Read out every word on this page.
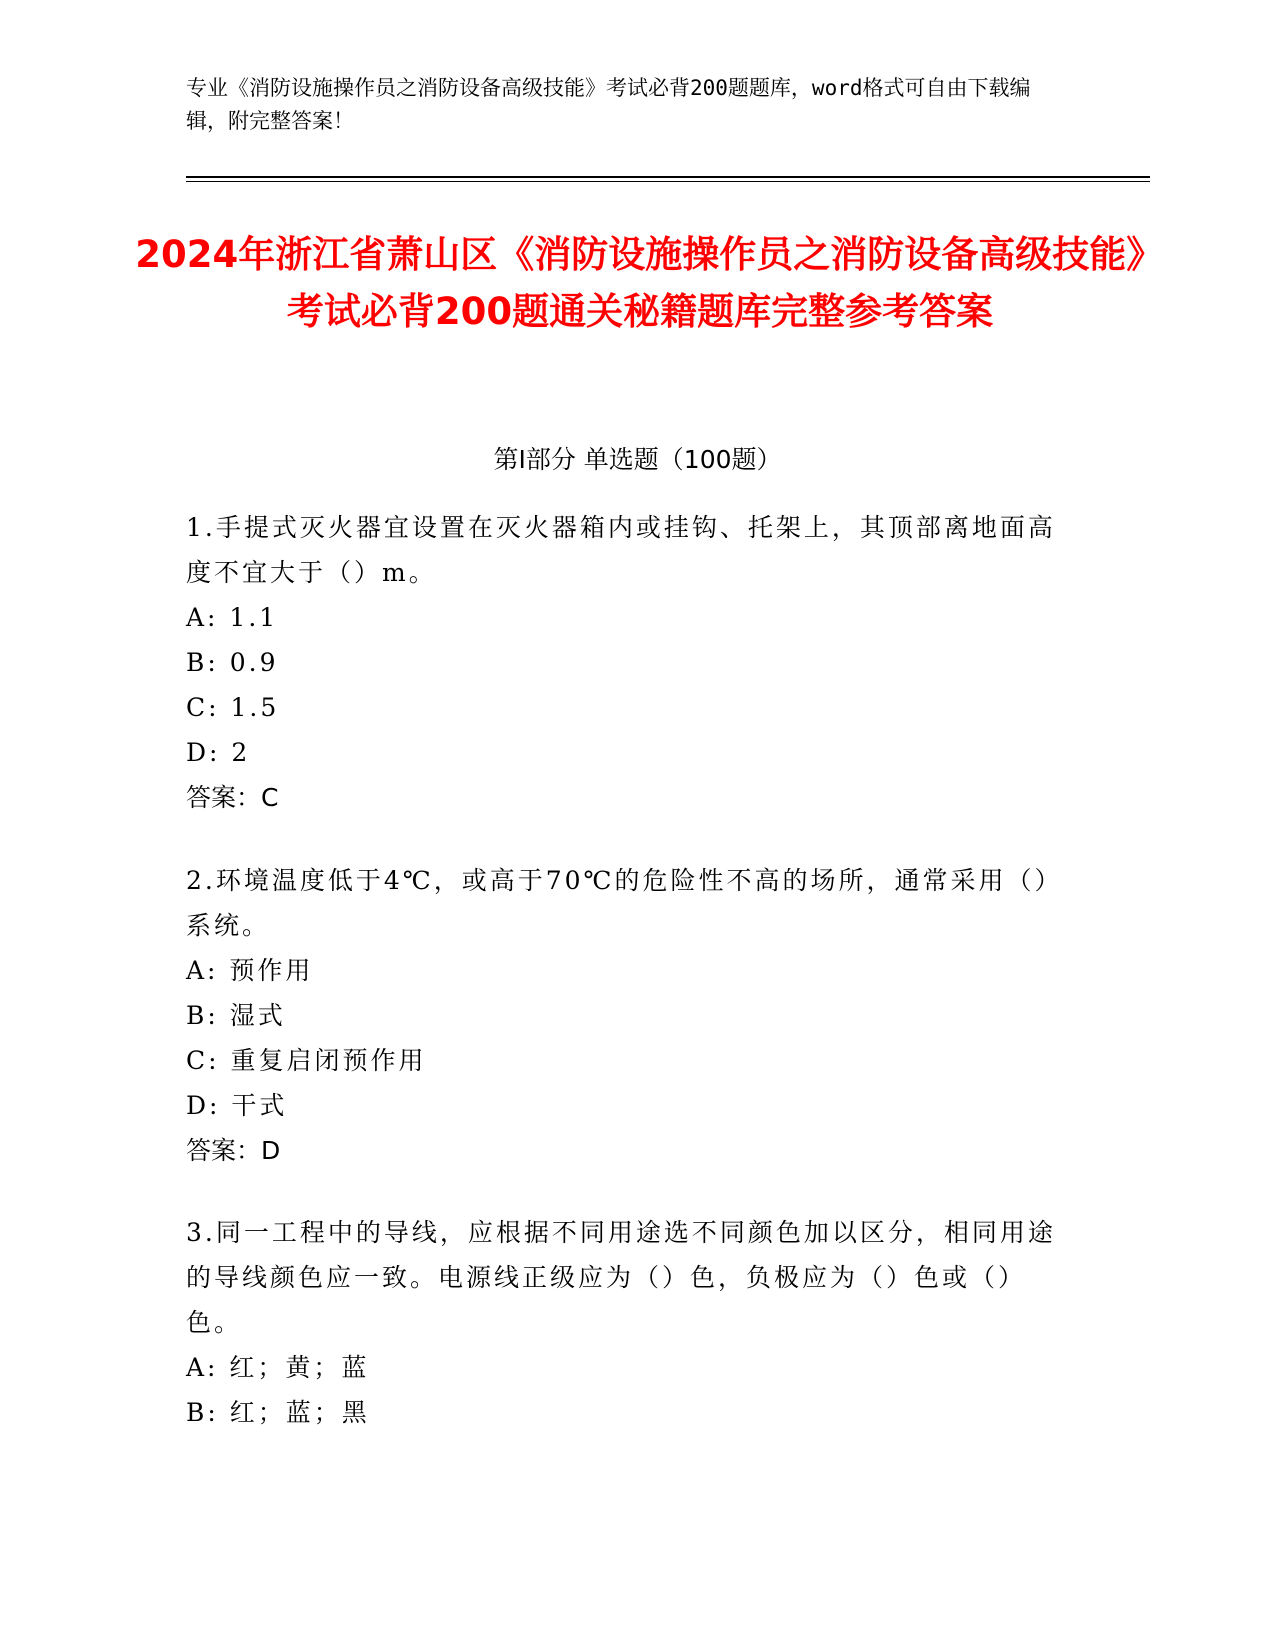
专业《消防设施操作员之消防设备高级技能》考试必背200题题库，word格式可自由下载编辑，附完整答案！
2024年浙江省萧山区《消防设施操作员之消防设备高级技能》考试必背200题通关秘籍题库完整参考答案
第Ⅰ部分 单选题（100题）
1.手提式灭火器宜设置在灭火器箱内或挂钩、托架上，其顶部离地面高度不宜大于（）m。
A: 1.1
B: 0.9
C: 1.5
D: 2
答案：C
2.环境温度低于4℃，或高于70℃的危险性不高的场所，通常采用（）系统。
A: 预作用
B: 湿式
C: 重复启闭预作用
D: 干式
答案：D
3.同一工程中的导线，应根据不同用途选不同颜色加以区分，相同用途的导线颜色应一致。电源线正级应为（）色，负极应为（）色或（）色。
A: 红；黄；蓝
B: 红；蓝；黑
